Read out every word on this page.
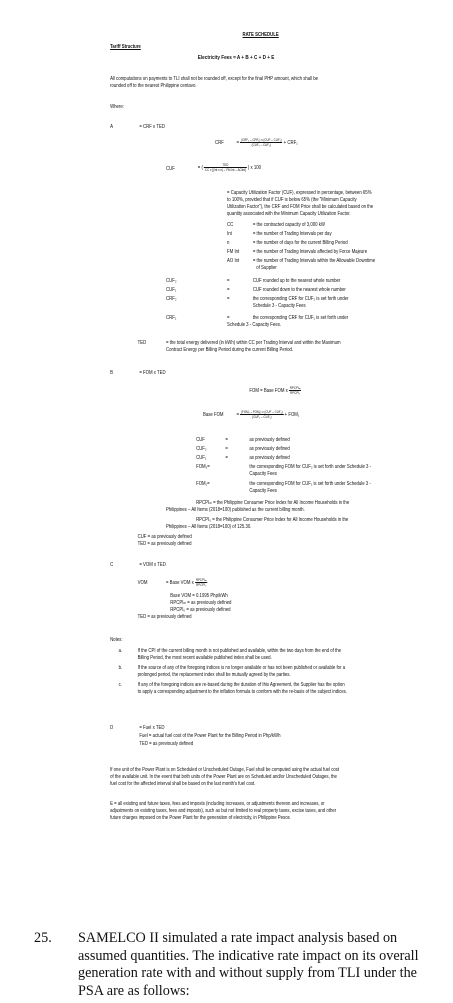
RATE SCHEDULE
Tariff Structure
Electricity Fees = A + B + C + D + E
All computations on payments to TLI shall not be rounded off, except for the final PHP amount, which shall be
rounded off to the nearest Philippine centavo.
Where:
A	= CRF x TED
CRF	= $\frac{\text{(CRF₂ – CRF₁) x (CUF – CUF₁)}}{\text{(CUF₂ – CUF₁)}} + CRF_1$
CUF	= ( $\frac{\text{TED}}{\text{CC x [(Int x n) – FM Int – AOInt]}}$ ) x 100
= Capacity Utilization Factor (CUF), expressed in percentage, between 65%
to 100%, provided that if CUF is below 65% (the "Minimum Capacity
Utilization Factor"), the CRF and FOM Price shall be calculated based on the
quantity associated with the Minimum Capacity Utilization Factor.
CC	= the contracted capacity of 3,000 kW
Int	= the number of Trading Intervals per day
n	= the number of days for the current Billing Period
FM Int	= the number of Trading Intervals affected by Force Majeure
AO Int	= the number of Trading Intervals within the Allowable Downtime
of Supplier
CUF₂	=	CUF rounded up to the nearest whole number
CUF₁	=	CUF rounded down to the nearest whole number
CRF₂	=	the corresponding CRF for CUF₂ is set forth under
Schedule 3 - Capacity Fees
CRF₁	=	the corresponding CRF for CUF₁ is set forth under
Schedule 3 - Capacity Fees.
TED	= the total energy delivered (in kWh) within CC per Trading Interval and within the Maximum
Contract Energy per Billing Period during the current Billing Period.
B	= FOM x TED
FOM = Base FOM x $\frac{\text{RPCPIₘ}}{\text{RPCPI₀}}$
Base FOM	= $\frac{\text{(FOM₂ – FOM₁) x (CUF – CUF₁)}}{\text{(CUF₂ – CUF₁)}} + FOM_1$
CUF	=	as previously defined
CUF₂	=	as previously defined
CUF₁	=	as previously defined
FOM₂=	the corresponding FOM for CUF₂ is set forth under Schedule 3 -
Capacity Fees
FOM₁=	the corresponding FOM for CUF₁ is set forth under Schedule 3 -
Capacity Fees
RPCPIₘ = the Philippine Consumer Price Index for All Income Households in the
Philippines – All Items (2018=100) published as the current billing month.
RPCPI₀ = the Philippine Consumer Price Index for All Income Households in the
Philippines – All Items (2018=100) of 125.30.
CUF = as previously defined
TED = as previously defined
C	= VOM x TED
VOM	= Base VOM x $\frac{\text{RPCPIₘ}}{\text{RPCPI₀}}$
Base VOM = 0.1995 Php/kWh
RPCPIₘ = as previously defined
RPCPI₀ = as previously defined
TED = as previously defined
Notes:
a.	If the CPI of the current billing month is not published and available, within the two days from the end of the
Billing Period, the most recent available published index shall be used.
b.	If the source of any of the foregoing indices is no longer available or has not been published or available for a
prolonged period, the replacement index shall be mutually agreed by the parties.
c.	If any of the foregoing indices are re-based during the duration of this Agreement, the Supplier has the option
to apply a corresponding adjustment to the inflation formula to conform with the re-basis of the subject indices.
D	= Fuel x TED
Fuel = actual fuel cost of the Power Plant for the Billing Period in Php/kWh
TED = as previously defined
If one unit of the Power Plant is on Scheduled or Unscheduled Outage, Fuel shall be computed using the actual fuel cost
of the available unit. In the event that both units of the Power Plant are on Scheduled and/or Unscheduled Outages, the
fuel cost for the affected interval shall be based on the last month's fuel cost.
E = all existing and future taxes, fees and imposts (including increases, or adjustments thereon and increases, or
adjustments on existing taxes, fees and imposts), such as but not limited to real property taxes, excise taxes, and other
future charges imposed on the Power Plant for the generation of electricity, in Philippine Pesos
25. SAMELCO II simulated a rate impact analysis based on
assumed quantities. The indicative rate impact on its overall
generation rate with and without supply from TLI under the
PSA are as follows:
